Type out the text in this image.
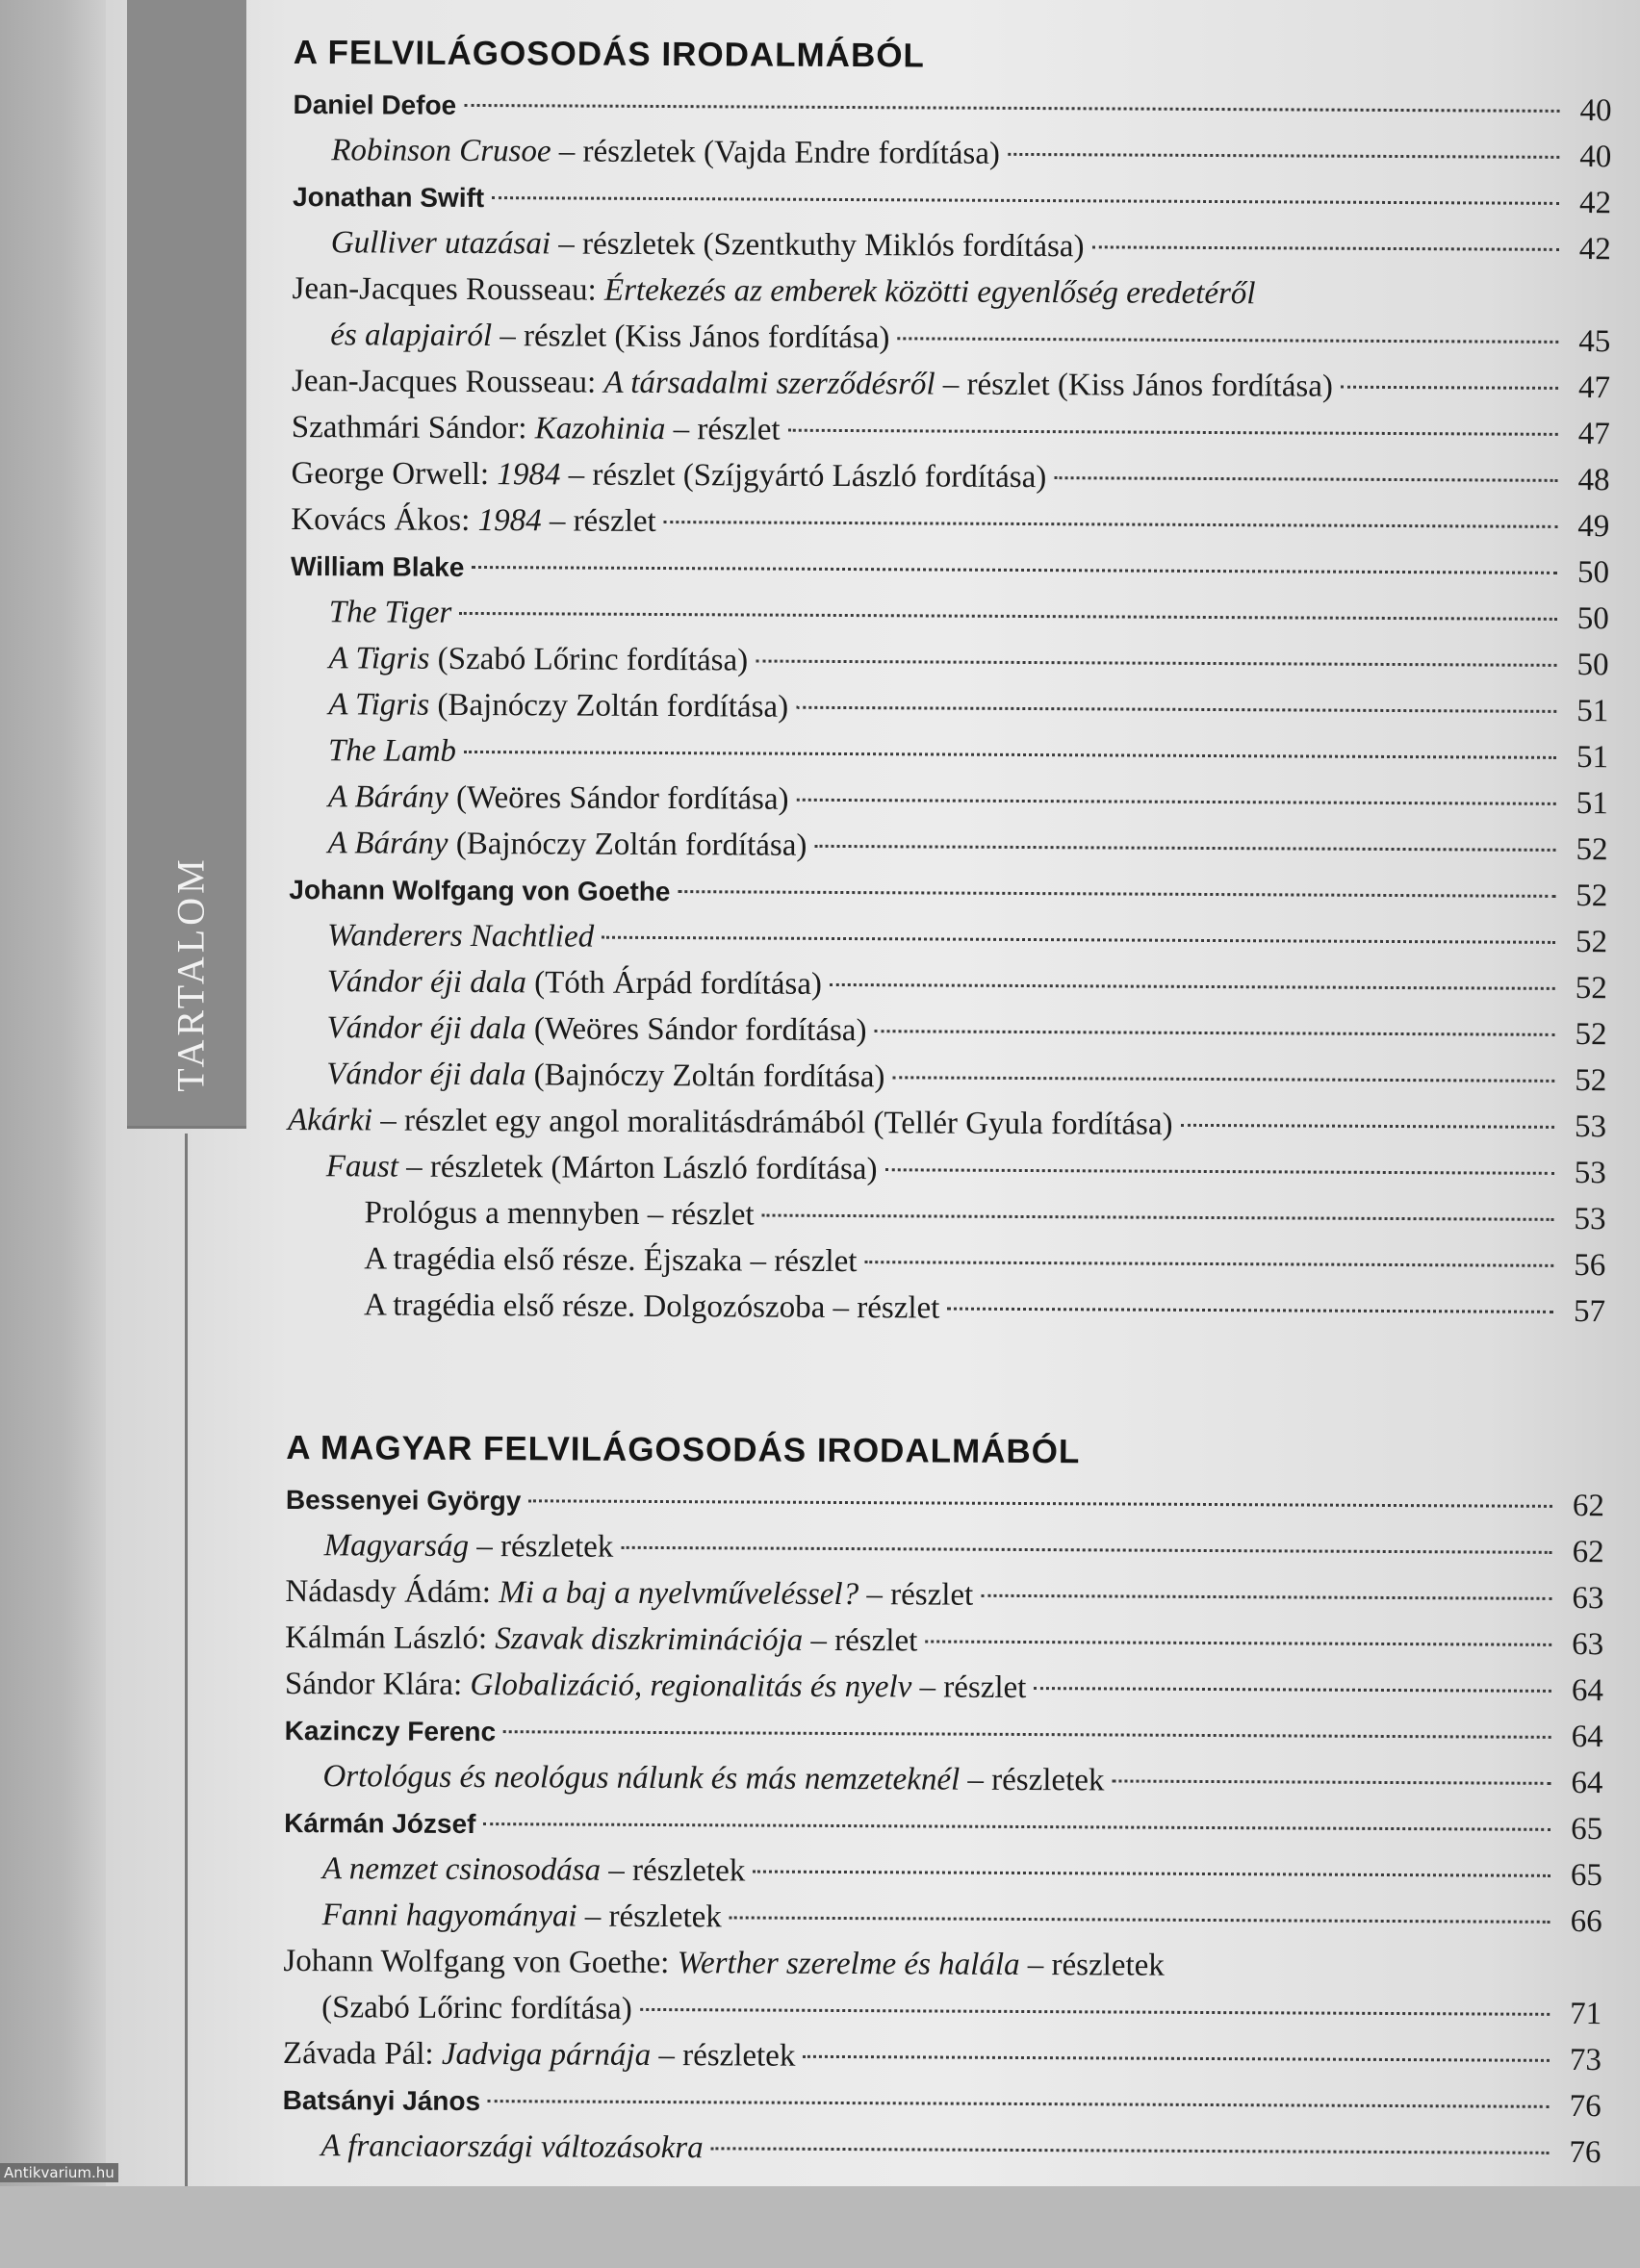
TARTALOM
Antikvarium.hu
A FELVILÁGOSODÁS IRODALMÁBÓL
Daniel Defoe	40
Robinson Crusoe – részletek (Vajda Endre fordítása)	40
Jonathan Swift	42
Gulliver utazásai – részletek (Szentkuthy Miklós fordítása)	42
Jean-Jacques Rousseau: Értekezés az emberek közötti egyenlőség eredetéről
és alapjairól – részlet (Kiss János fordítása)	45
Jean-Jacques Rousseau: A társadalmi szerződésről – részlet (Kiss János fordítása)	47
Szathmári Sándor: Kazohinia – részlet	47
George Orwell: 1984 – részlet (Szíjgyártó László fordítása)	48
Kovács Ákos: 1984 – részlet	49
William Blake	50
The Tiger	50
A Tigris (Szabó Lőrinc fordítása)	50
A Tigris (Bajnóczy Zoltán fordítása)	51
The Lamb	51
A Bárány (Weöres Sándor fordítása)	51
A Bárány (Bajnóczy Zoltán fordítása)	52
Johann Wolfgang von Goethe	52
Wanderers Nachtlied	52
Vándor éji dala (Tóth Árpád fordítása)	52
Vándor éji dala (Weöres Sándor fordítása)	52
Vándor éji dala (Bajnóczy Zoltán fordítása)	52
Akárki – részlet egy angol moralitásdrámából (Tellér Gyula fordítása)	53
Faust – részletek (Márton László fordítása)	53
Prológus a mennyben – részlet	53
A tragédia első része. Éjszaka – részlet	56
A tragédia első része. Dolgozószoba – részlet	57
A MAGYAR FELVILÁGOSODÁS IRODALMÁBÓL
Bessenyei György	62
Magyarság – részletek	62
Nádasdy Ádám: Mi a baj a nyelvműveléssel? – részlet	63
Kálmán László: Szavak diszkriminációja – részlet	63
Sándor Klára: Globalizáció, regionalitás és nyelv – részlet	64
Kazinczy Ferenc	64
Ortológus és neológus nálunk és más nemzeteknél – részletek	64
Kármán József	65
A nemzet csinosodása – részletek	65
Fanni hagyományai – részletek	66
Johann Wolfgang von Goethe: Werther szerelme és halála – részletek
(Szabó Lőrinc fordítása)	71
Závada Pál: Jadviga párnája – részletek	73
Batsányi János	76
A franciaországi változásokra	76
